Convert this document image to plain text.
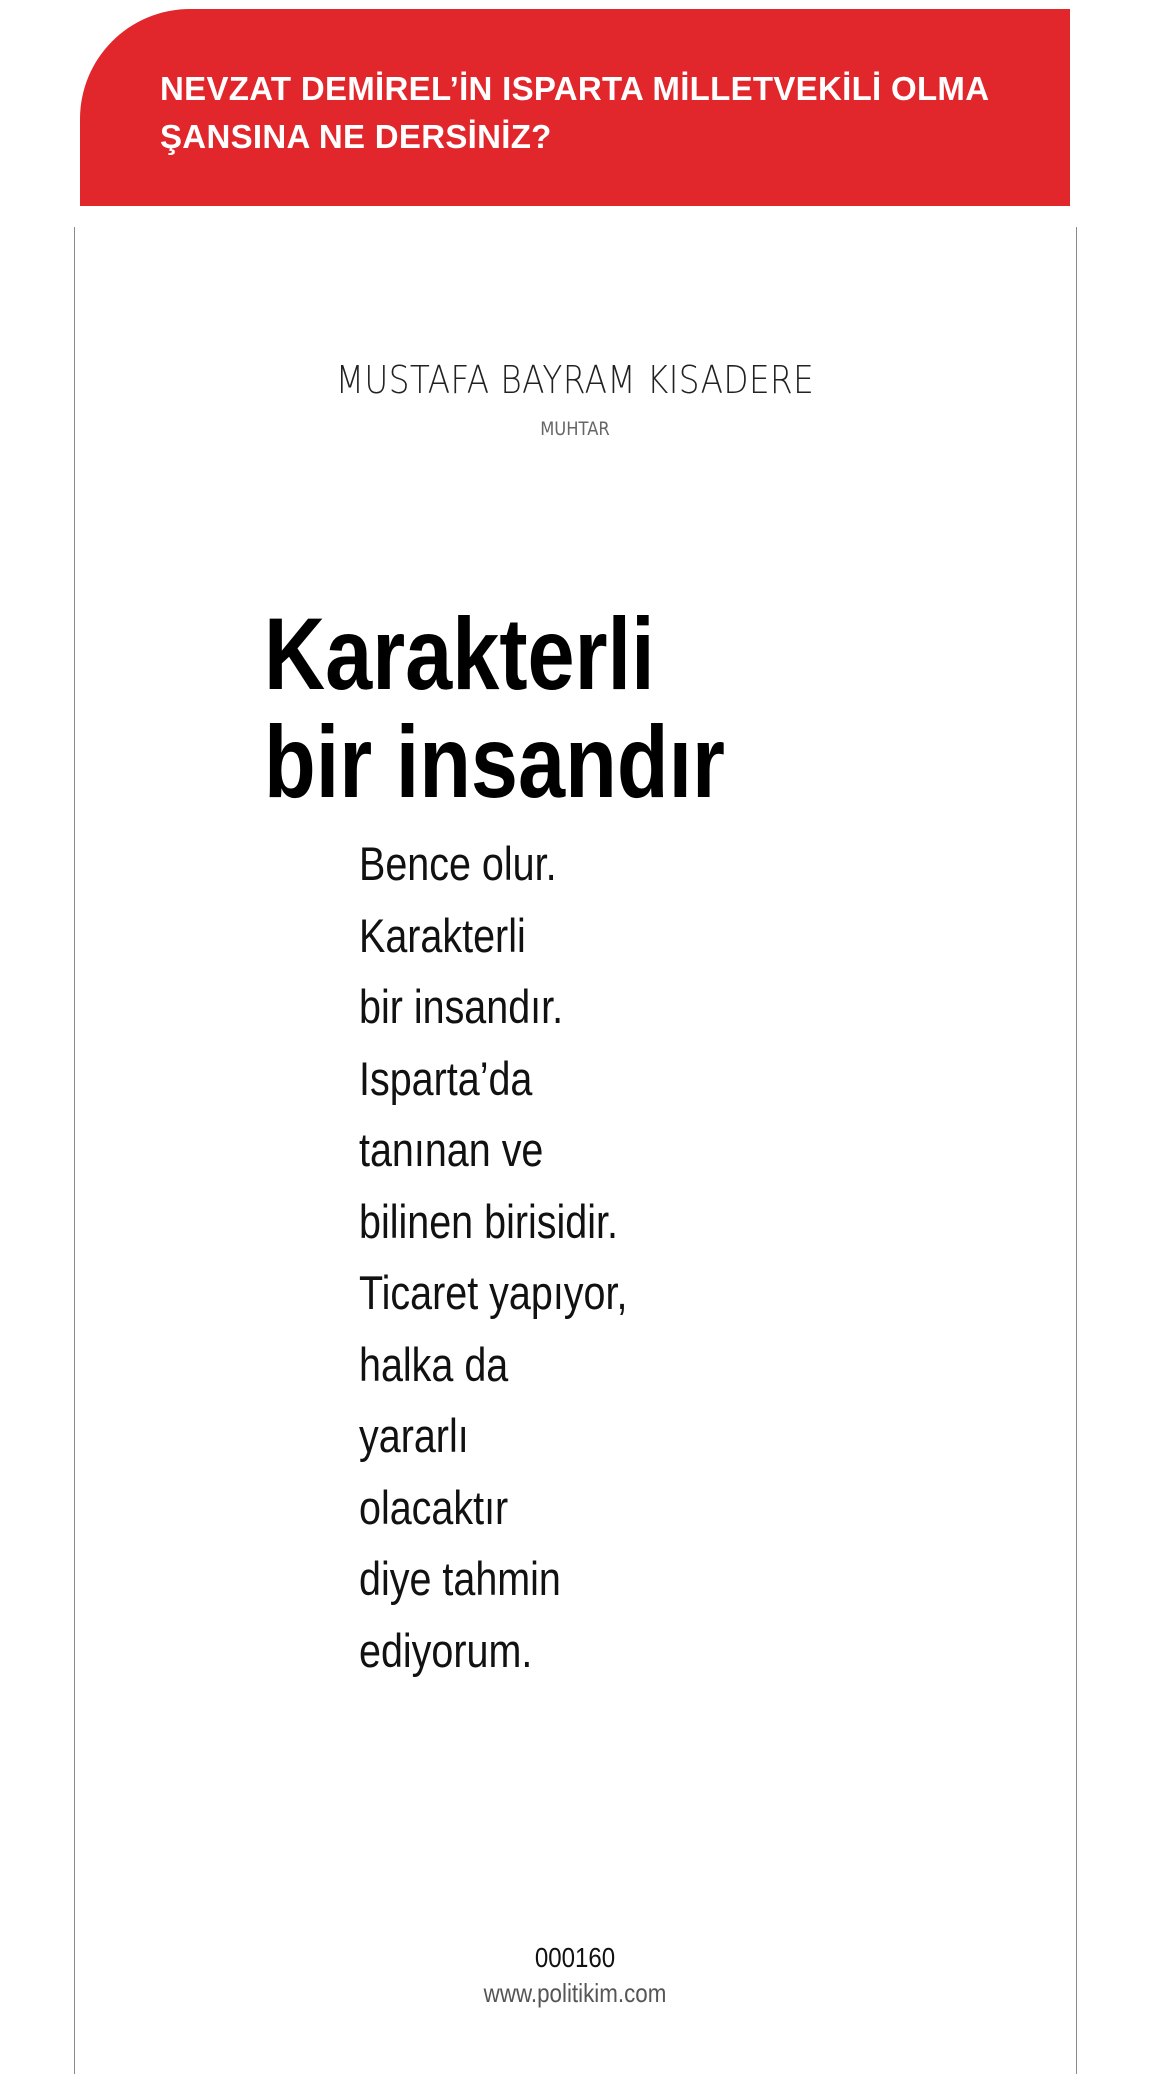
NEVZAT DEMİREL’İN ISPARTA MİLLETVEKİLİ OLMA
ŞANSINA NE DERSİNİZ?

MUSTAFA BAYRAM KISADERE
MUHTAR
Karakterli
bir insandır
Bence olur.
Karakterli
bir insandır.
Isparta’da
tanınan ve
bilinen birisidir.
Ticaret yapıyor,
halka da
yararlı
olacaktır
diye tahmin
ediyorum.
000160
www.politikim.com
